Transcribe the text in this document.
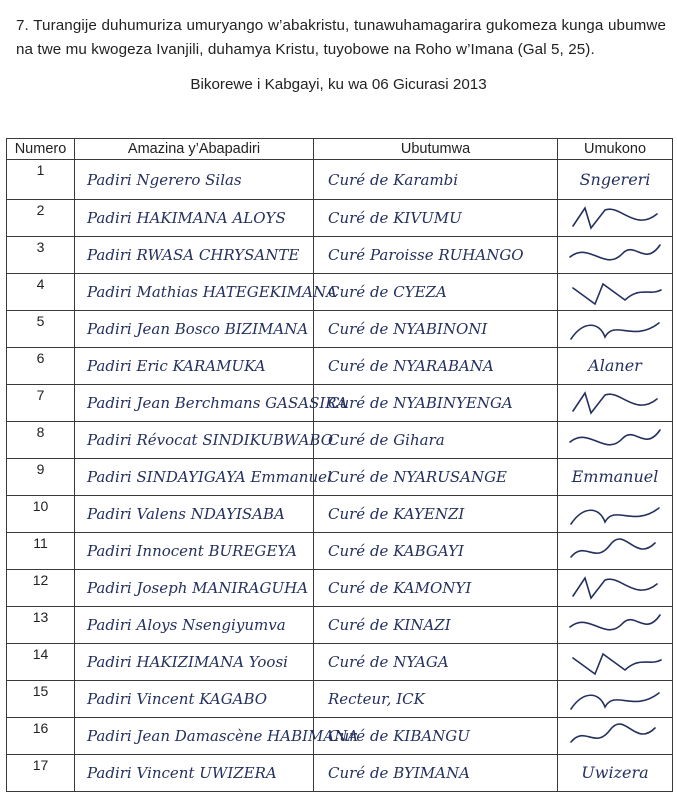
7. Turangije duhumuriza umuryango w’abakristu, tunawuhamagarira gukomeza kunga ubumwe na twe mu kwogeza Ivanjili, duhamya Kristu, tuyobowe na Roho w’Imana (Gal 5, 25).
Bikorewe i Kabgayi, ku wa 06 Gicurasi 2013
Numero	Amazina y’Abapadiri	Ubutumwa	Umukono
1	Padiri Ngerero Silas	Curé de Karambi	Sngereri
2	Padiri HAKIMANA ALOYS	Curé de KIVUMU	

3	Padiri RWASA CHRYSANTE	Curé Paroisse RUHANGO	

4	Padiri Mathias HATEGEKIMANA	Curé de CYEZA	

5	Padiri Jean Bosco BIZIMANA	Curé de NYABINONI	

6	Padiri Eric KARAMUKA	Curé de NYARABANA	Alaner
7	Padiri Jean Berchmans GASASIRA	Curé de NYABINYENGA	

8	Padiri Révocat SINDIKUBWABO	Curé de Gihara	

9	Padiri SINDAYIGAYA Emmanuel	Curé de NYARUSANGE	Emmanuel
10	Padiri Valens NDAYISABA	Curé de KAYENZI	

11	Padiri Innocent BUREGEYA	Curé de KABGAYI	

12	Padiri Joseph MANIRAGUHA	Curé de KAMONYI	

13	Padiri Aloys Nsengiyumva	Curé de KINAZI	

14	Padiri HAKIZIMANA Yoosi	Curé de NYAGA	

15	Padiri Vincent KAGABO	Recteur, ICK	

16	Padiri Jean Damascène HABIMANA	Curé de KIBANGU	

17	Padiri Vincent UWIZERA	Curé de BYIMANA	Uwizera
